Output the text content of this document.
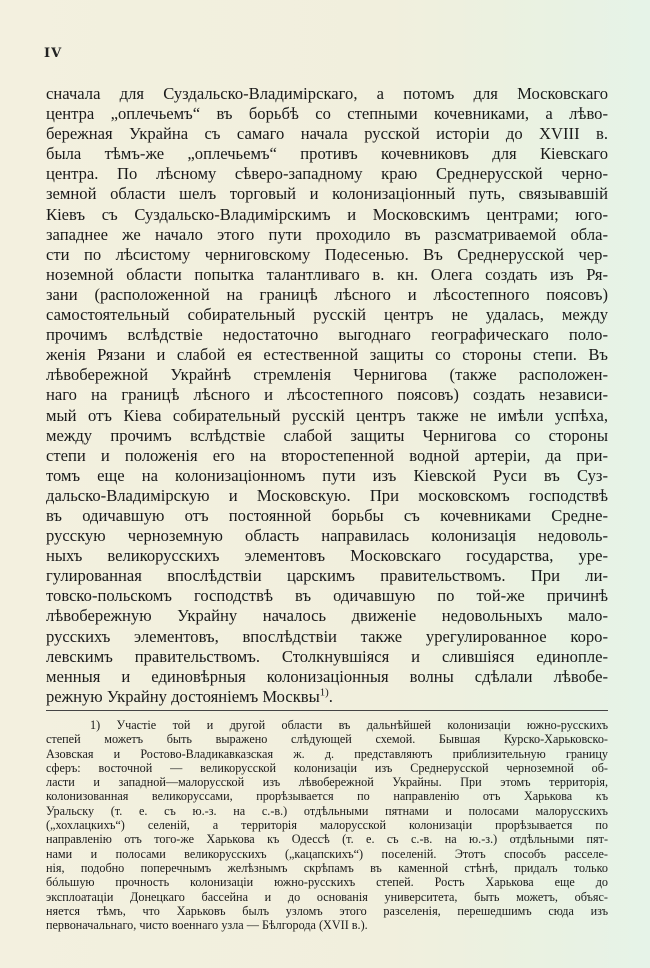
IV
сначала для Суздальско-Владимірскаго, а потомъ для Московскаго
центра „оплечьемъ“ въ борьбѣ со степными кочевниками, а лѣво-
бережная Украйна съ самаго начала русской исторіи до XVIII в.
была тѣмъ-же „оплечьемъ“ противъ кочевниковъ для Кіевскаго
центра. По лѣсному сѣверо-западному краю Среднерусской черно-
земной области шелъ торговый и колонизаціонный путь, связывавшій
Кіевъ съ Суздальско-Владимірскимъ и Московскимъ центрами; юго-
западнее же начало этого пути проходило въ разсматриваемой обла-
сти по лѣсистому черниговскому Подесенью. Въ Среднерусской чер-
ноземной области попытка талантливаго в. кн. Олега создать изъ Ря-
зани (расположенной на границѣ лѣсного и лѣсостепного поясовъ)
самостоятельный собирательный русскій центръ не удалась, между
прочимъ вслѣдствіе недостаточно выгоднаго географическаго поло-
женія Рязани и слабой ея естественной защиты со стороны степи. Въ
лѣвобережной Украйнѣ стремленія Чернигова (также расположен-
наго на границѣ лѣсного и лѣсостепного поясовъ) создать независи-
мый отъ Кіева собирательный русскій центръ также не имѣли успѣха,
между прочимъ вслѣдствіе слабой защиты Чернигова со стороны
степи и положенія его на второстепенной водной артеріи, да при-
томъ еще на колонизаціонномъ пути изъ Кіевской Руси въ Суз-
дальско-Владимірскую и Московскую. При московскомъ господствѣ
въ одичавшую отъ постоянной борьбы съ кочевниками Средне-
русскую черноземную область направилась колонизація недоволь-
ныхъ великорусскихъ элементовъ Московскаго государства, уре-
гулированная впослѣдствіи царскимъ правительствомъ. При ли-
товско-польскомъ господствѣ въ одичавшую по той-же причинѣ
лѣвобережную Украйну началось движеніе недовольныхъ мало-
русскихъ элементовъ, впослѣдствіи также урегулированное коро-
левскимъ правительствомъ. Столкнувшіяся и слившіяся единопле-
менныя и единовѣрныя колонизаціонныя волны сдѣлали лѣвобе-
режную Украйну достояніемъ Москвы$^{1)}$.
1) Участіе той и другой области въ дальнѣйшей колонизаціи южно-русскихъ
степей можетъ быть выражено слѣдующей схемой. Бывшая Курско-Харьковско-
Азовская и Ростово-Владикавказская ж. д. представляютъ приблизительную границу
сферъ: восточной — великорусской колонизаціи изъ Среднерусской черноземной об-
ласти и западной—малорусской изъ лѣвобережной Украйны. При этомъ территорія,
колонизованная великоруссами, прорѣзывается по направленію отъ Харькова къ
Уральску (т. е. съ ю.-з. на с.-в.) отдѣльными пятнами и полосами малорусскихъ
(„хохлацкихъ“) селеній, а территорія малорусской колонизаціи прорѣзывается по
направленію отъ того-же Харькова къ Одессѣ (т. е. съ с.-в. на ю.-з.) отдѣльными пят-
нами и полосами великорусскихъ („кацапскихъ“) поселеній. Этотъ способъ расселе-
нія, подобно поперечнымъ желѣзнымъ скрѣпамъ въ каменной стѣнѣ, придалъ только
бóльшую прочность колонизаціи южно-русскихъ степей. Ростъ Харькова еще до
эксплоатаціи Донецкаго бассейна и до основанія университета, быть можетъ, объяс-
няется тѣмъ, что Харьковъ былъ узломъ этого разселенія, перешедшимъ сюда изъ
первоначальнаго, чисто военнаго узла — Бѣлгорода (XVII в.).
